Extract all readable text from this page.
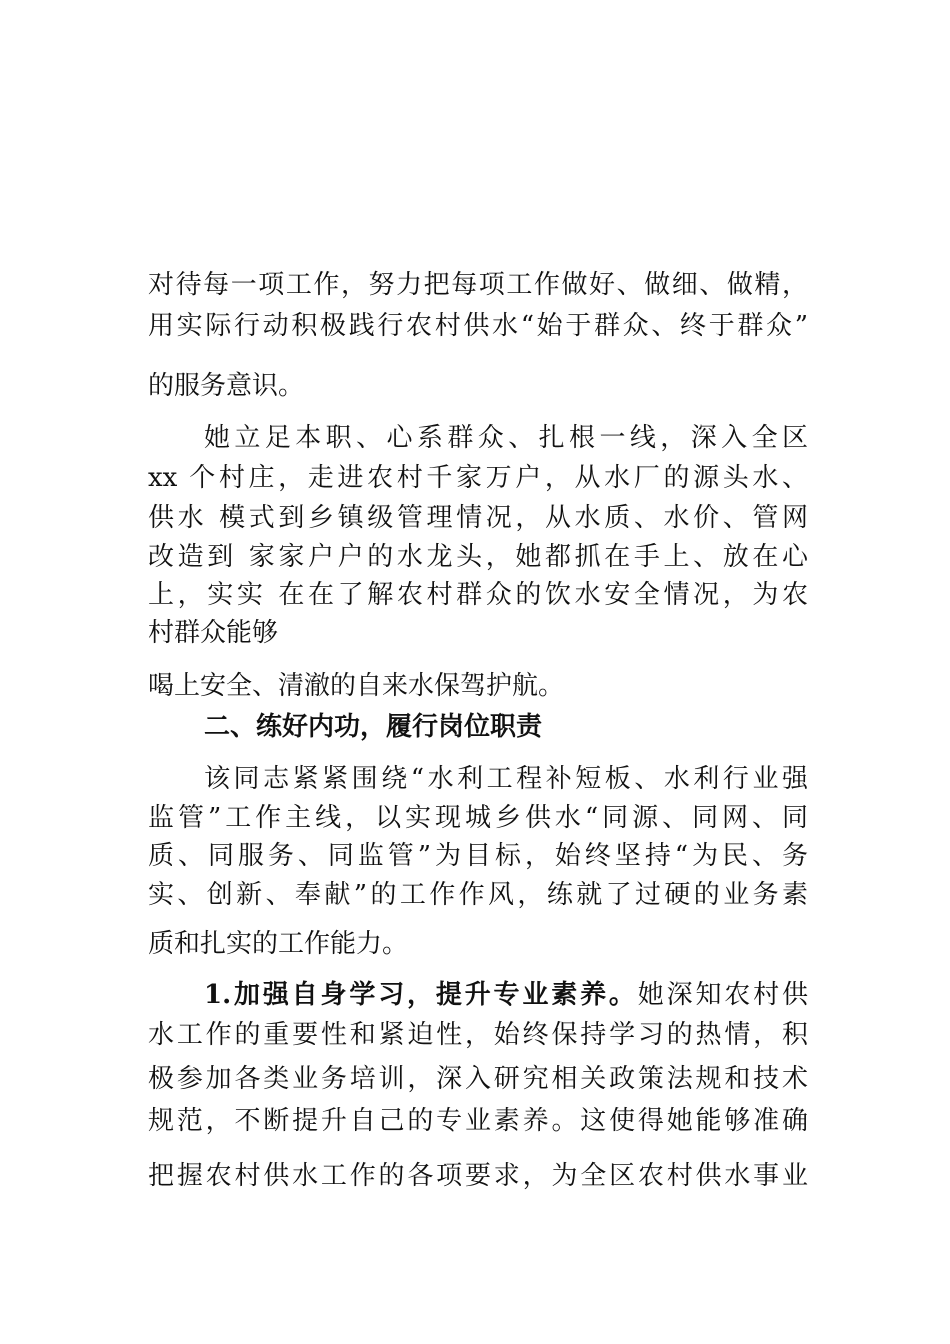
对待每一项工作，努力把每项工作做好、做细、做精，
用实际行动积极践行农村供水“始于群众、终于群众”
的服务意识。
她立足本职、心系群众、扎根一线，深入全区
xx 个村庄，走进农村千家万户，从水厂的源头水、
供水 模式到乡镇级管理情况，从水质、水价、管网
改造到 家家户户的水龙头，她都抓在手上、放在心
上，实实 在在了解农村群众的饮水安全情况，为农
村群众能够
喝上安全、清澈的自来水保驾护航。
二、练好内功，履行岗位职责
该同志紧紧围绕“水利工程补短板、水利行业强
监管”工作主线，以实现城乡供水“同源、同网、同
质、同服务、同监管”为目标，始终坚持“为民、务
实、创新、奉献”的工作作风，练就了过硬的业务素
质和扎实的工作能力。
1.加强自身学习，提升专业素养。她深知农村供
水工作的重要性和紧迫性，始终保持学习的热情，积
极参加各类业务培训，深入研究相关政策法规和技术
规范，不断提升自己的专业素养。这使得她能够准确
把握农村供水工作的各项要求，为全区农村供水事业
